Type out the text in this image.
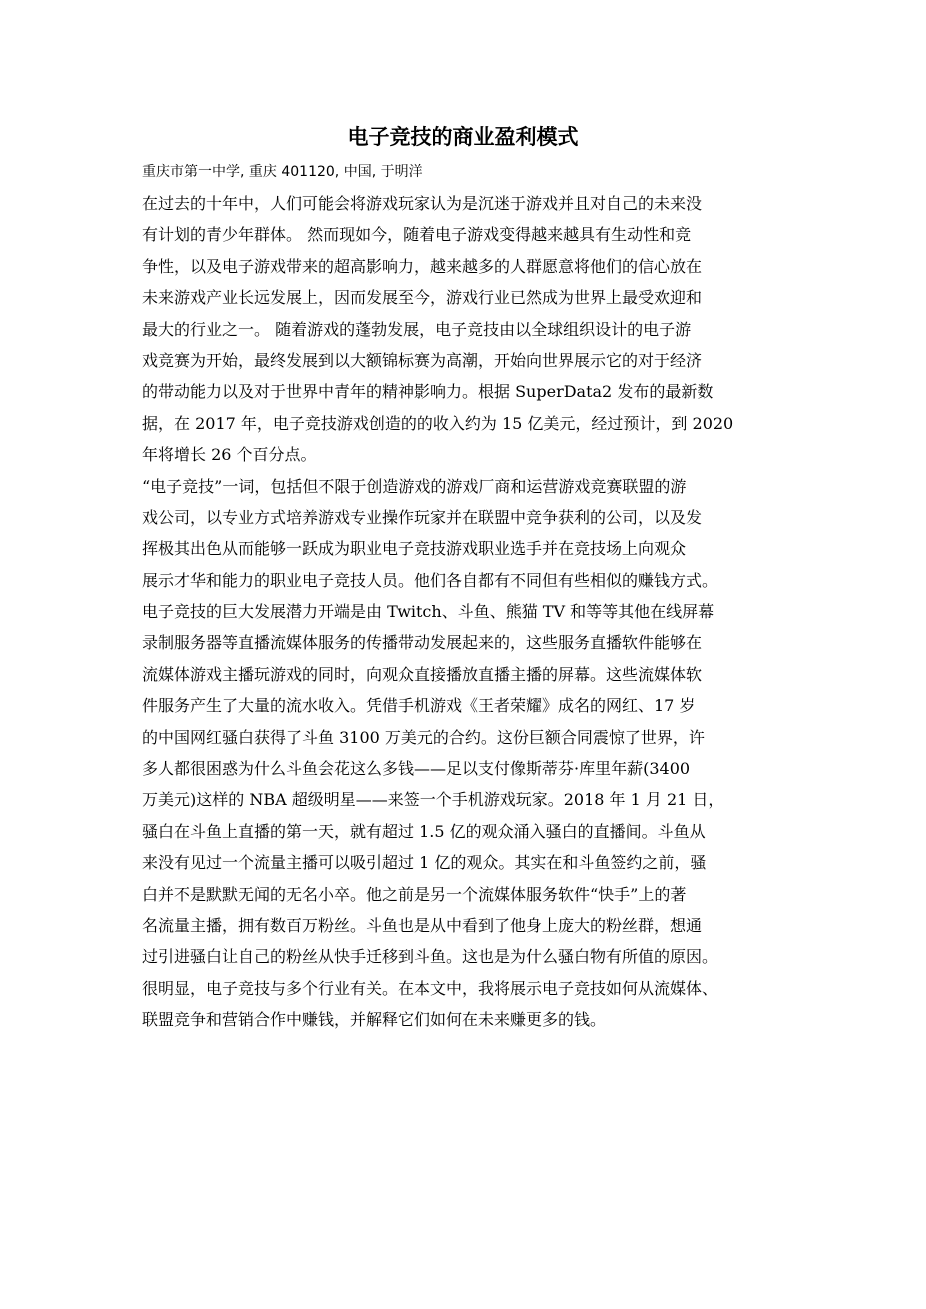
电子竞技的商业盈利模式

重庆市第一中学, 重庆 401120, 中国, 于明洋

在过去的十年中，人们可能会将游戏玩家认为是沉迷于游戏并且对自己的未来没
有计划的青少年群体。 然而现如今，随着电子游戏变得越来越具有生动性和竞
争性，以及电子游戏带来的超高影响力，越来越多的人群愿意将他们的信心放在
未来游戏产业长远发展上，因而发展至今，游戏行业已然成为世界上最受欢迎和
最大的行业之一。 随着游戏的蓬勃发展，电子竞技由以全球组织设计的电子游
戏竞赛为开始，最终发展到以大额锦标赛为高潮，开始向世界展示它的对于经济
的带动能力以及对于世界中青年的精神影响力。根据 SuperData2 发布的最新数
据，在 2017 年，电子竞技游戏创造的的收入约为 15 亿美元，经过预计，到 2020
年将增长 26 个百分点。
“电子竞技”一词，包括但不限于创造游戏的游戏厂商和运营游戏竞赛联盟的游
戏公司，以专业方式培养游戏专业操作玩家并在联盟中竞争获利的公司，以及发
挥极其出色从而能够一跃成为职业电子竞技游戏职业选手并在竞技场上向观众
展示才华和能力的职业电子竞技人员。他们各自都有不同但有些相似的赚钱方式。
电子竞技的巨大发展潜力开端是由 Twitch、斗鱼、熊猫 TV 和等等其他在线屏幕
录制服务器等直播流媒体服务的传播带动发展起来的，这些服务直播软件能够在
流媒体游戏主播玩游戏的同时，向观众直接播放直播主播的屏幕。这些流媒体软
件服务产生了大量的流水收入。凭借手机游戏《王者荣耀》成名的网红、17 岁
的中国网红骚白获得了斗鱼 3100 万美元的合约。这份巨额合同震惊了世界，许
多人都很困惑为什么斗鱼会花这么多钱——足以支付像斯蒂芬·库里年薪(3400
万美元)这样的 NBA 超级明星——来签一个手机游戏玩家。2018 年 1 月 21 日，
骚白在斗鱼上直播的第一天，就有超过 1.5 亿的观众涌入骚白的直播间。斗鱼从
来没有见过一个流量主播可以吸引超过 1 亿的观众。其实在和斗鱼签约之前，骚
白并不是默默无闻的无名小卒。他之前是另一个流媒体服务软件“快手”上的著
名流量主播，拥有数百万粉丝。斗鱼也是从中看到了他身上庞大的粉丝群，想通
过引进骚白让自己的粉丝从快手迁移到斗鱼。这也是为什么骚白物有所值的原因。
很明显，电子竞技与多个行业有关。在本文中，我将展示电子竞技如何从流媒体、
联盟竞争和营销合作中赚钱，并解释它们如何在未来赚更多的钱。
